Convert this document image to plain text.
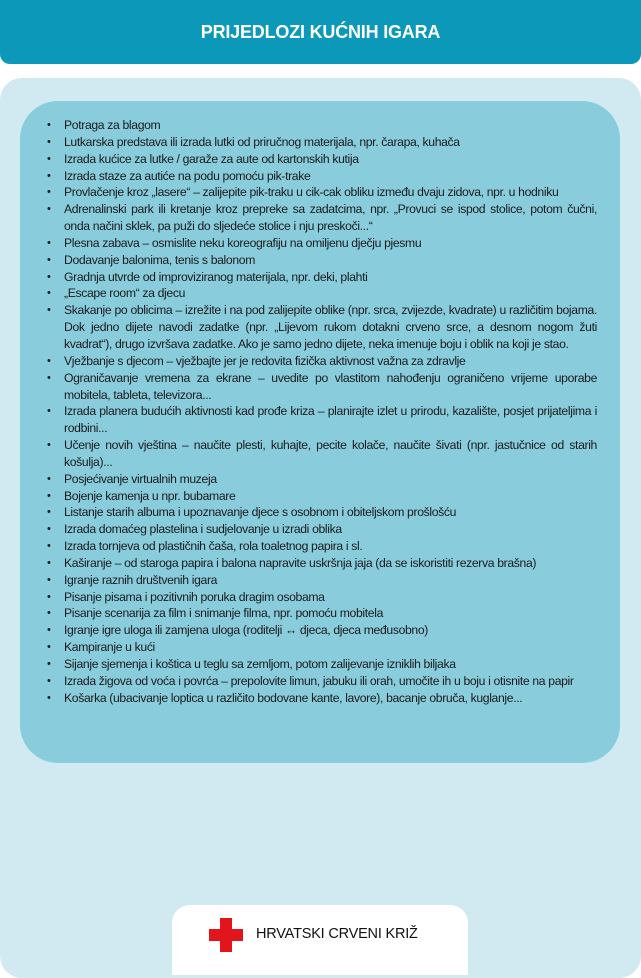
PRIJEDLOZI KUĆNIH IGARA
• Potraga za blagom
• Lutkarska predstava ili izrada lutki od priručnog materijala, npr. čarapa, kuhača
• Izrada kućice za lutke / garaže za aute od kartonskih kutija
• Izrada staze za autiće na podu pomoću pik-trake
• Provlačenje kroz „lasere“ – zalijepite pik-traku u cik-cak obliku između dvaju zidova, npr. u hodniku
• Adrenalinski park ili kretanje kroz prepreke sa zadatcima, npr. „Provuci se ispod stolice, potom čučni, onda načini sklek, pa puži do sljedeće stolice i nju preskoči...“
• Plesna zabava – osmislite neku koreografiju na omiljenu dječju pjesmu
• Dodavanje balonima, tenis s balonom
• Gradnja utvrde od improviziranog materijala, npr. deki, plahti
• „Escape room“ za djecu
• Skakanje po oblicima – izrežite i na pod zalijepite oblike (npr. srca, zvijezde, kvadrate) u različitim bojama. Dok jedno dijete navodi zadatke (npr. „Lijevom rukom dotakni crveno srce, a desnom nogom žuti kvadrat“), drugo izvršava zadatke. Ako je samo jedno dijete, neka imenuje boju i oblik na koji je stao.
• Vježbanje s djecom – vježbajte jer je redovita fizička aktivnost važna za zdravlje
• Ograničavanje vremena za ekrane – uvedite po vlastitom nahođenju ograničeno vrijeme uporabe mobitela, tableta, televizora...
• Izrada planera budućih aktivnosti kad prođe kriza – planirajte izlet u prirodu, kazalište, posjet prijateljima i rodbini...
• Učenje novih vještina – naučite plesti, kuhajte, pecite kolače, naučite šivati (npr. jastučnice od starih košulja)...
• Posjećivanje virtualnih muzeja
• Bojenje kamenja u npr. bubamare
• Listanje starih albuma i upoznavanje djece s osobnom i obiteljskom prošlošću
• Izrada domaćeg plastelina i sudjelovanje u izradi oblika
• Izrada tornjeva od plastičnih čaša, rola toaletnog papira i sl.
• Kaširanje – od staroga papira i balona napravite uskršnja jaja (da se iskoristiti rezerva brašna)
• Igranje raznih društvenih igara
• Pisanje pisama i pozitivnih poruka dragim osobama
• Pisanje scenarija za film i snimanje filma, npr. pomoću mobitela
• Igranje igre uloga ili zamjena uloga (roditelji ↔ djeca, djeca međusobno)
• Kampiranje u kući
• Sijanje sjemenja i koštica u teglu sa zemljom, potom zalijevanje izniklih biljaka
• Izrada žigova od voća i povrća – prepolovite limun, jabuku ili orah, umočite ih u boju i otisnite na papir
• Košarka (ubacivanje loptica u različito bodovane kante, lavore), bacanje obruča, kuglanje...
HRVATSKI CRVENI KRIŽ
